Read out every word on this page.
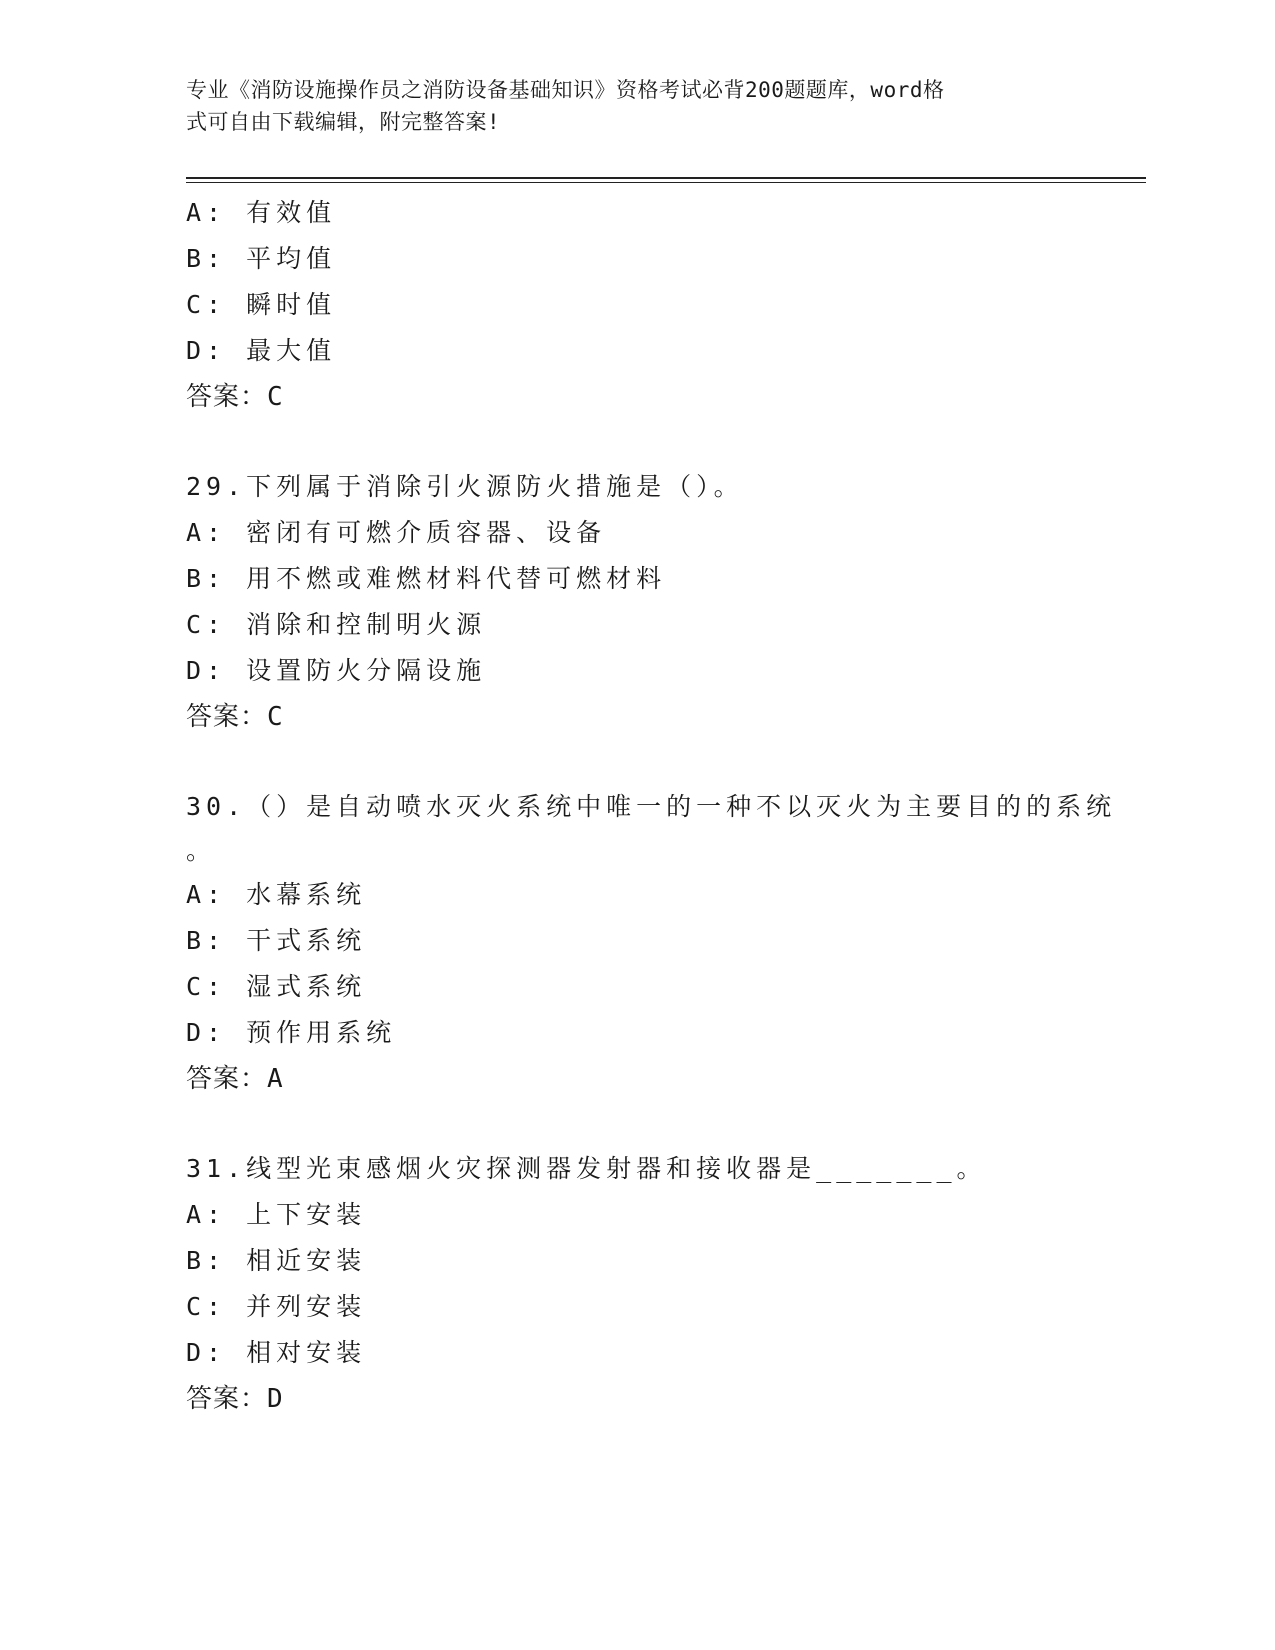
专业《消防设施操作员之消防设备基础知识》资格考试必背200题题库，word格
式可自由下载编辑，附完整答案!
A: 有效值
B: 平均值
C: 瞬时值
D: 最大值
答案：C
29.下列属于消除引火源防火措施是（）。
A: 密闭有可燃介质容器、设备
B: 用不燃或难燃材料代替可燃材料
C: 消除和控制明火源
D: 设置防火分隔设施
答案：C
30.（）是自动喷水灭火系统中唯一的一种不以灭火为主要目的的系统
。
A: 水幕系统
B: 干式系统
C: 湿式系统
D: 预作用系统
答案：A
31.线型光束感烟火灾探测器发射器和接收器是_______。
A: 上下安装
B: 相近安装
C: 并列安装
D: 相对安装
答案：D
